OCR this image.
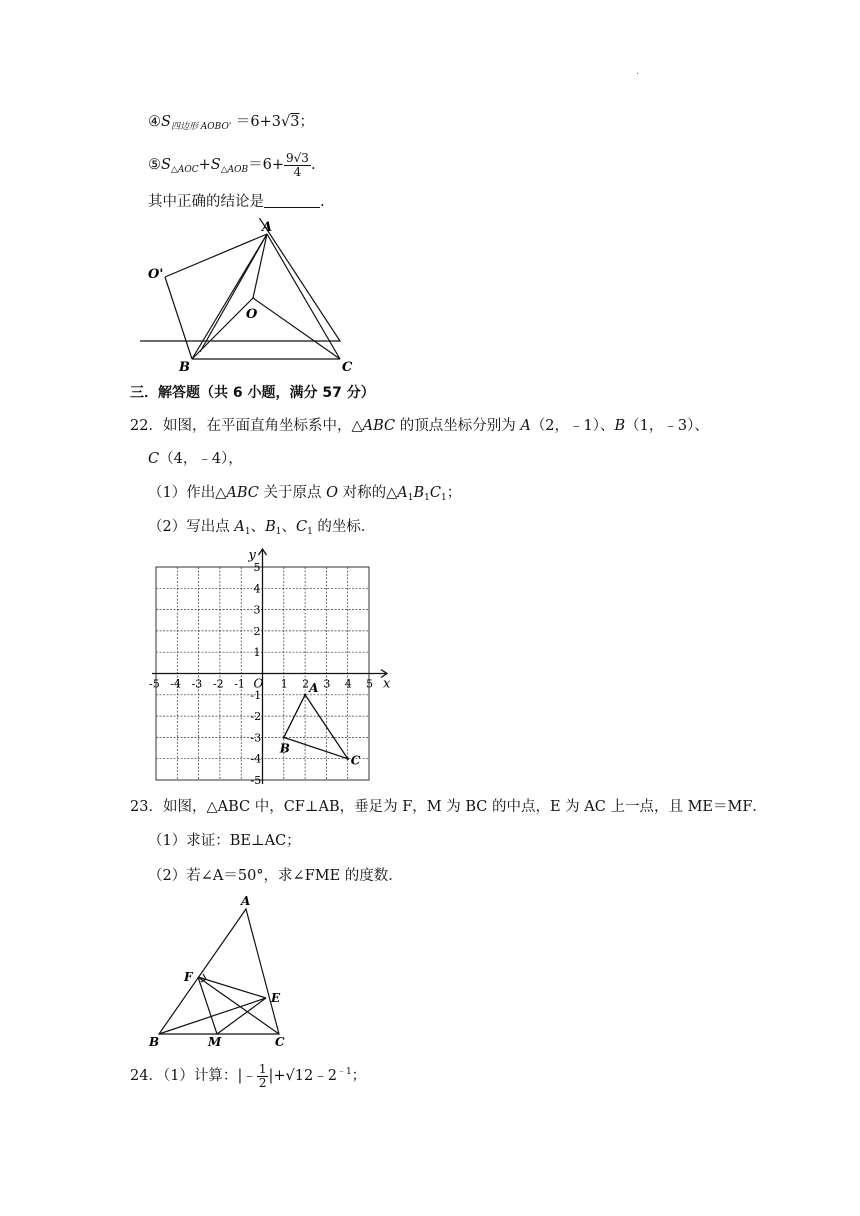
.
$④S_{四边形 AOBO'} =6+3√3$；
$⑤S_{\triangle AOC}+S_{\triangle AOB}=6+ \frac{9√3}{4}$ .
其中正确的结论是	.
A
O'
O
B	C
三．解答题（共 6 小题，满分 57 分）
22．如图，在平面直角坐标系中，△ABC 的顶点坐标分别为 A（2，﹣1）、B（1，﹣3）、
C（4，﹣4），
（1）作出△ABC 关于原点 O 对称的$\triangle A_1B_1C_1$；
（2）写出点 $A_1$、$B_1$、$C_1$ 的坐标．
x
y
O
-5 -4 -3 -2 -1	1 2 3 4 5
5
4
3
2
1
-1
-2
-3
-4
-5
A
B
C
23．如图，△ABC 中，CF⊥AB，垂足为 F，M 为 BC 的中点，E 为 AC 上一点，且 ME＝MF．
（1）求证：BE⊥AC；
（2）若∠A＝50°，求∠FME 的度数．
A
F
E
B	M	C
24．（1）计算：|﹣ $\frac{1}{2}$ $|+√12﹣2^{﹣1}$；
